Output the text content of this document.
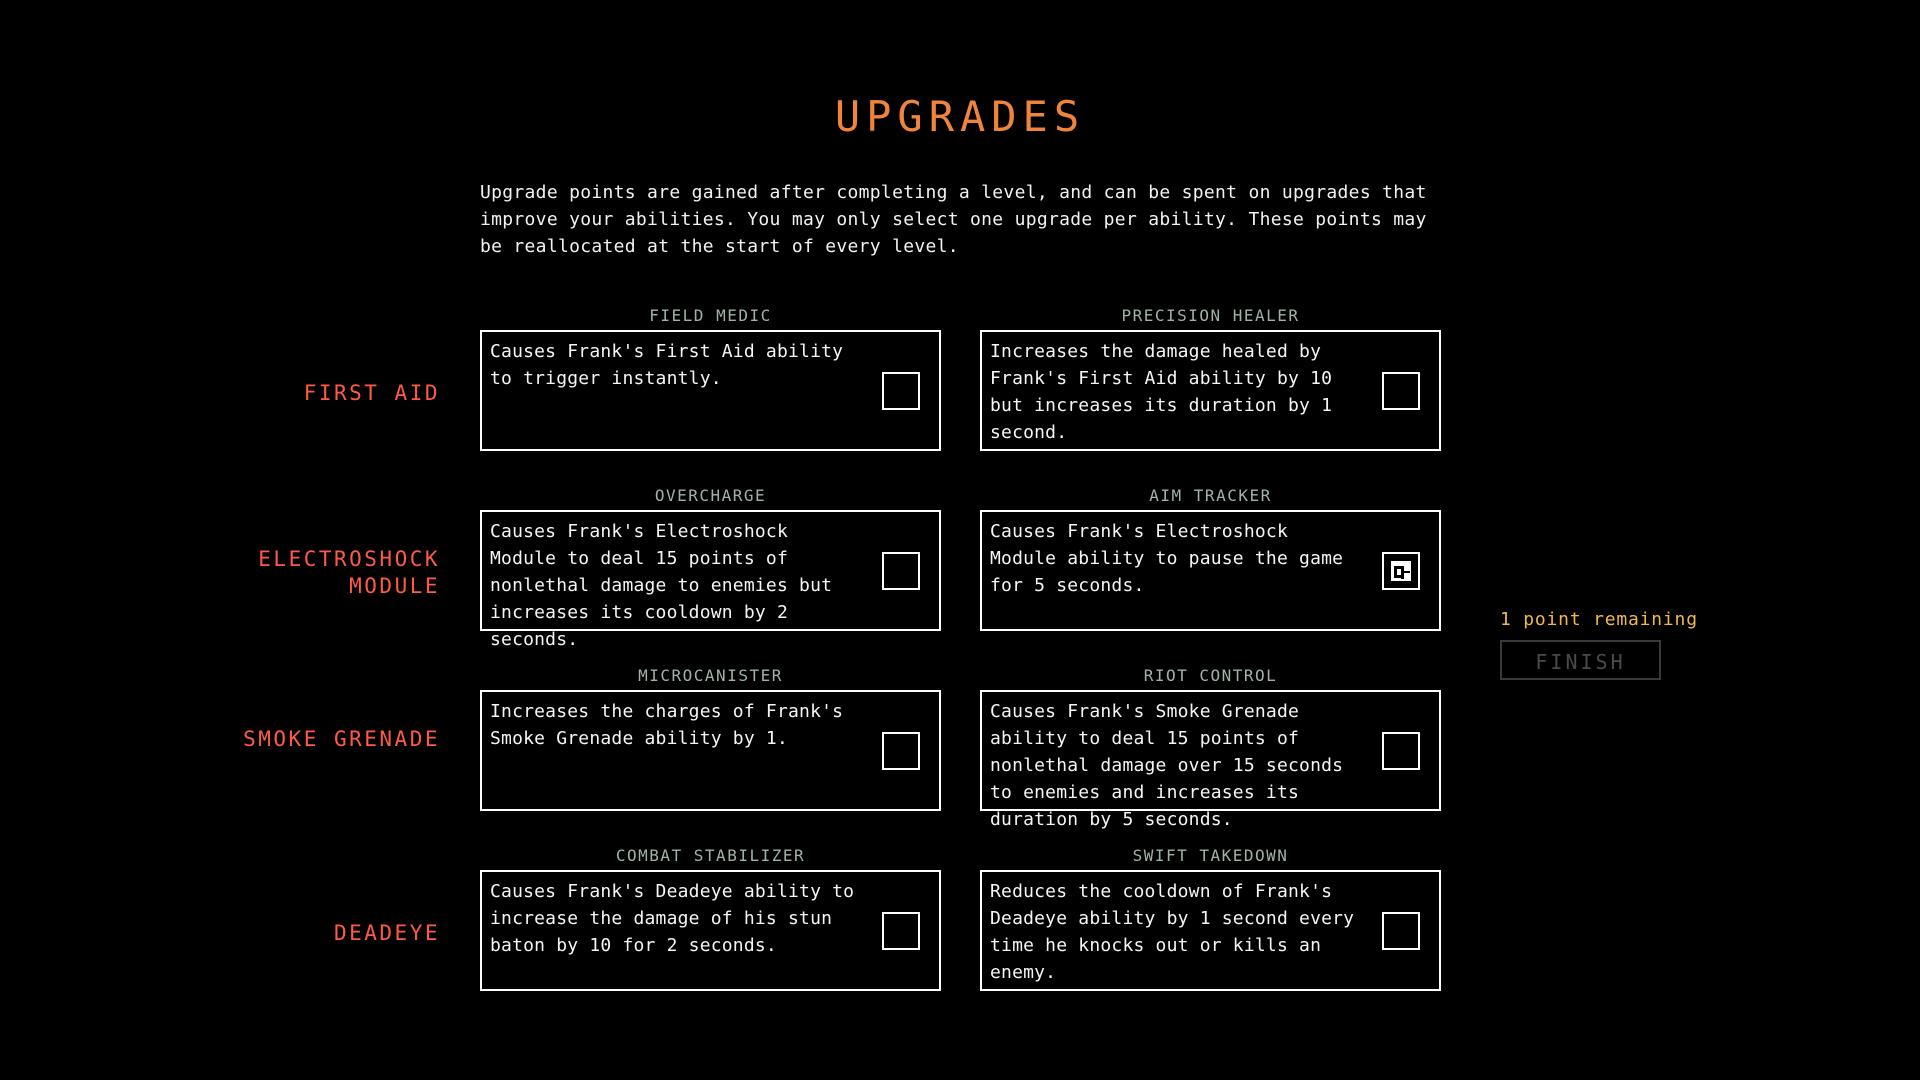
UPGRADES

Upgrade points are gained after completing a level, and can be spent on upgrades that improve your abilities. You may only select one upgrade per ability. These points may be reallocated at the start of every level.

FIRST AID
FIELD MEDIC
Causes Frank's First Aid ability to trigger instantly.
PRECISION HEALER
Increases the damage healed by Frank's First Aid ability by 10 but increases its duration by 1 second.
ELECTROSHOCK MODULE
OVERCHARGE
Causes Frank's Electroshock Module to deal 15 points of nonlethal damage to enemies but increases its cooldown by 2 seconds.
AIM TRACKER
Causes Frank's Electroshock Module ability to pause the game for 5 seconds.
SMOKE GRENADE
MICROCANISTER
Increases the charges of Frank's Smoke Grenade ability by 1.
RIOT CONTROL
Causes Frank's Smoke Grenade ability to deal 15 points of nonlethal damage over 15 seconds to enemies and increases its duration by 5 seconds.
DEADEYE
COMBAT STABILIZER
Causes Frank's Deadeye ability to increase the damage of his stun baton by 10 for 2 seconds.
SWIFT TAKEDOWN
Reduces the cooldown of Frank's Deadeye ability by 1 second every time he knocks out or kills an enemy.
1 point remaining
FINISH
